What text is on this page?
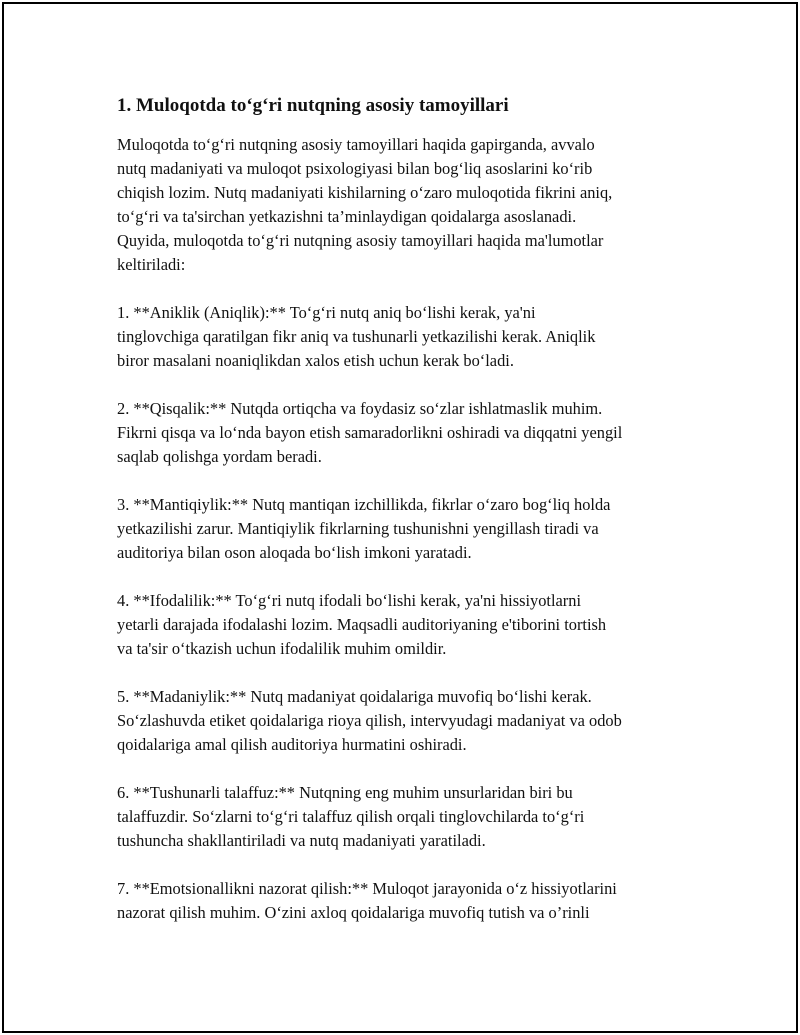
1. Muloqotda to‘g‘ri nutqning asosiy tamoyillari

Muloqotda to‘g‘ri nutqning asosiy tamoyillari haqida gapirganda, avvalo
nutq madaniyati va muloqot psixologiyasi bilan bog‘liq asoslarini ko‘rib
chiqish lozim. Nutq madaniyati kishilarning o‘zaro muloqotida fikrini aniq,
to‘g‘ri va ta'sirchan yetkazishni ta’minlaydigan qoidalarga asoslanadi.
Quyida, muloqotda to‘g‘ri nutqning asosiy tamoyillari haqida ma'lumotlar
keltiriladi:

1. **Aniklik (Aniqlik):** To‘g‘ri nutq aniq bo‘lishi kerak, ya'ni
tinglovchiga qaratilgan fikr aniq va tushunarli yetkazilishi kerak. Aniqlik
biror masalani noaniqlikdan xalos etish uchun kerak bo‘ladi.

2. **Qisqalik:** Nutqda ortiqcha va foydasiz so‘zlar ishlatmaslik muhim.
Fikrni qisqa va lo‘nda bayon etish samaradorlikni oshiradi va diqqatni yengil
saqlab qolishga yordam beradi.

3. **Mantiqiylik:** Nutq mantiqan izchillikda, fikrlar o‘zaro bog‘liq holda
yetkazilishi zarur. Mantiqiylik fikrlarning tushunishni yengillash tiradi va
auditoriya bilan oson aloqada bo‘lish imkoni yaratadi.

4. **Ifodalilik:** To‘g‘ri nutq ifodali bo‘lishi kerak, ya'ni hissiyotlarni
yetarli darajada ifodalashi lozim. Maqsadli auditoriyaning e'tiborini tortish
va ta'sir o‘tkazish uchun ifodalilik muhim omildir.

5. **Madaniylik:** Nutq madaniyat qoidalariga muvofiq bo‘lishi kerak.
So‘zlashuvda etiket qoidalariga rioya qilish, intervyudagi madaniyat va odob
qoidalariga amal qilish auditoriya hurmatini oshiradi.

6. **Tushunarli talaffuz:** Nutqning eng muhim unsurlaridan biri bu
talaffuzdir. So‘zlarni to‘g‘ri talaffuz qilish orqali tinglovchilarda to‘g‘ri
tushuncha shakllantiriladi va nutq madaniyati yaratiladi.

7. **Emotsionallikni nazorat qilish:** Muloqot jarayonida o‘z hissiyotlarini
nazorat qilish muhim. O‘zini axloq qoidalariga muvofiq tutish va o’rinli
